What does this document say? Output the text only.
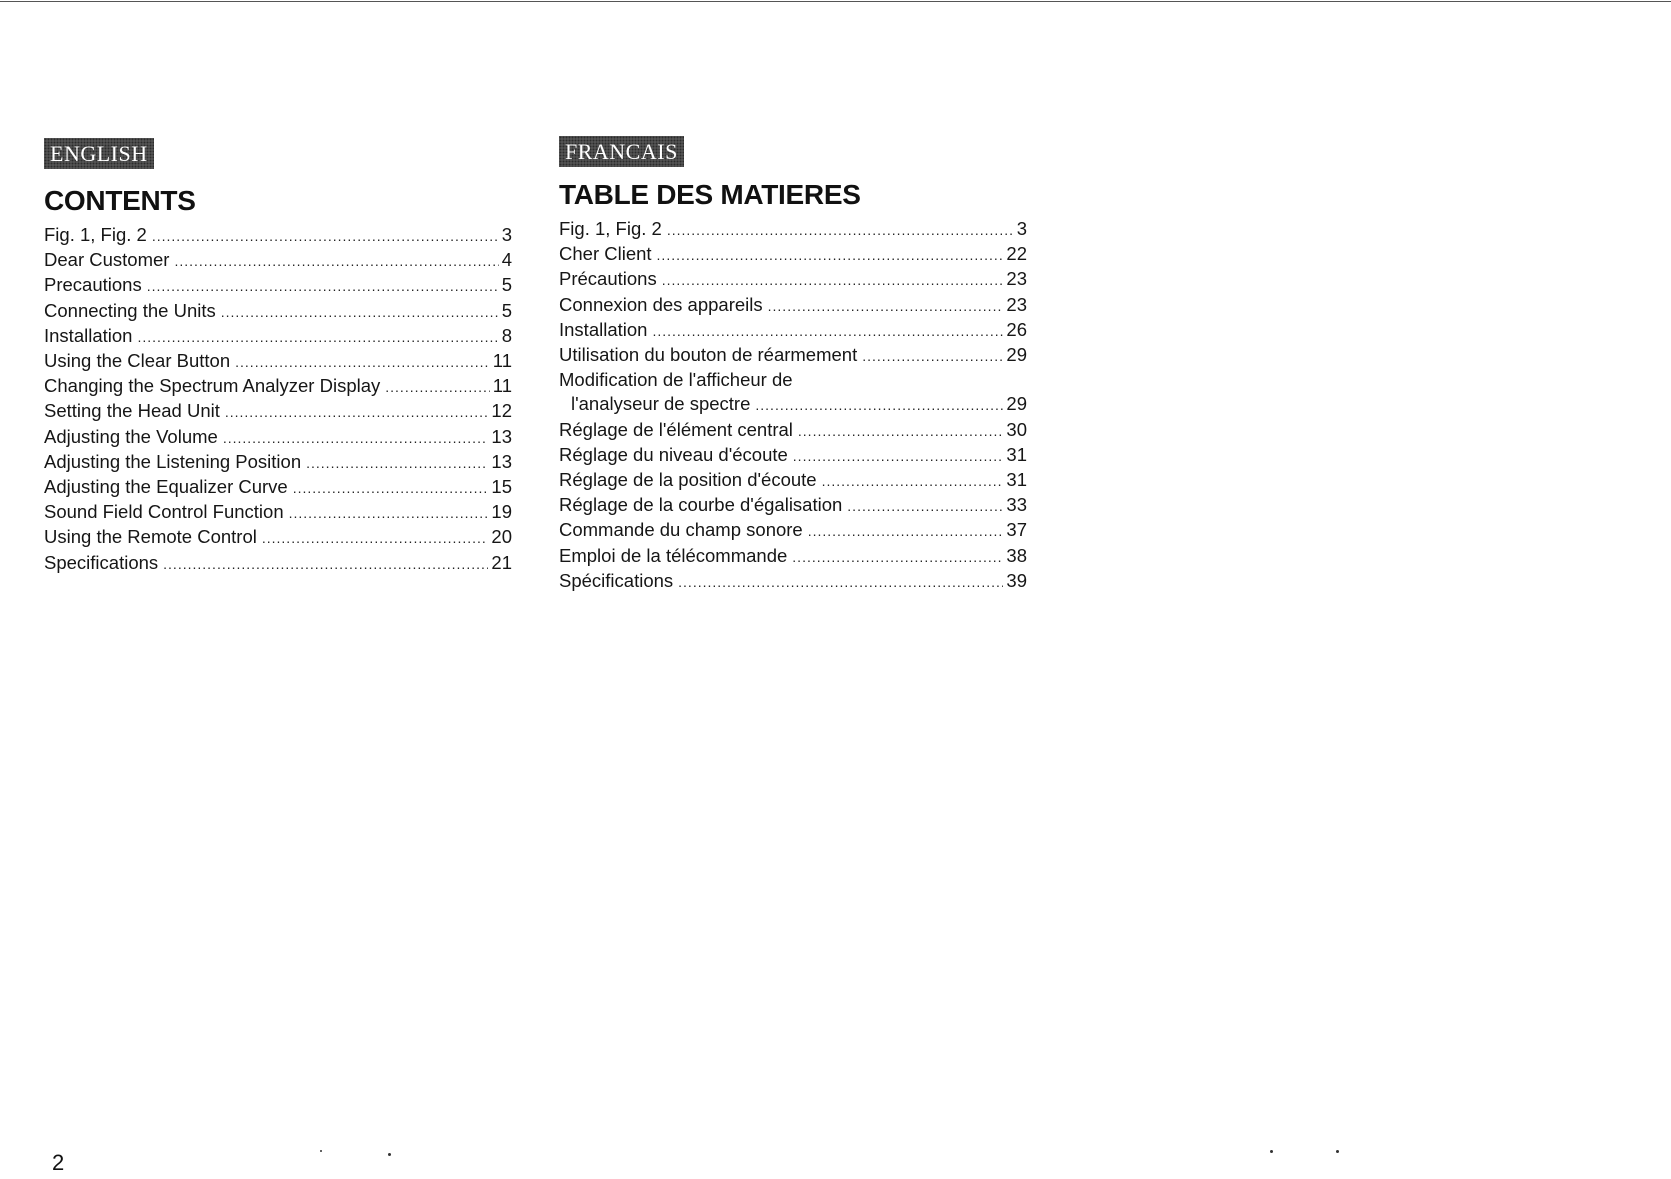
ENGLISH
CONTENTS
Fig. 1, Fig. 2 .....	3
Dear Customer .....	4
Precautions .....	5
Connecting the Units .....	5
Installation .....	8
Using the Clear Button .....	11
Changing the Spectrum Analyzer Display .....	11
Setting the Head Unit .....	12
Adjusting the Volume .....	13
Adjusting the Listening Position .....	13
Adjusting the Equalizer Curve .....	15
Sound Field Control Function .....	19
Using the Remote Control .....	20
Specifications .....	21
FRANCAIS
TABLE DES MATIERES
Fig. 1, Fig. 2 .....	3
Cher Client .....	22
Précautions .....	23
Connexion des appareils .....	23
Installation .....	26
Utilisation du bouton de réarmement .....	29
Modification de l'afficheur de
l'analyseur de spectre .....	29
Réglage de l'élément central .....	30
Réglage du niveau d'écoute .....	31
Réglage de la position d'écoute .....	31
Réglage de la courbe d'égalisation .....	33
Commande du champ sonore .....	37
Emploi de la télécommande .....	38
Spécifications .....	39
2
